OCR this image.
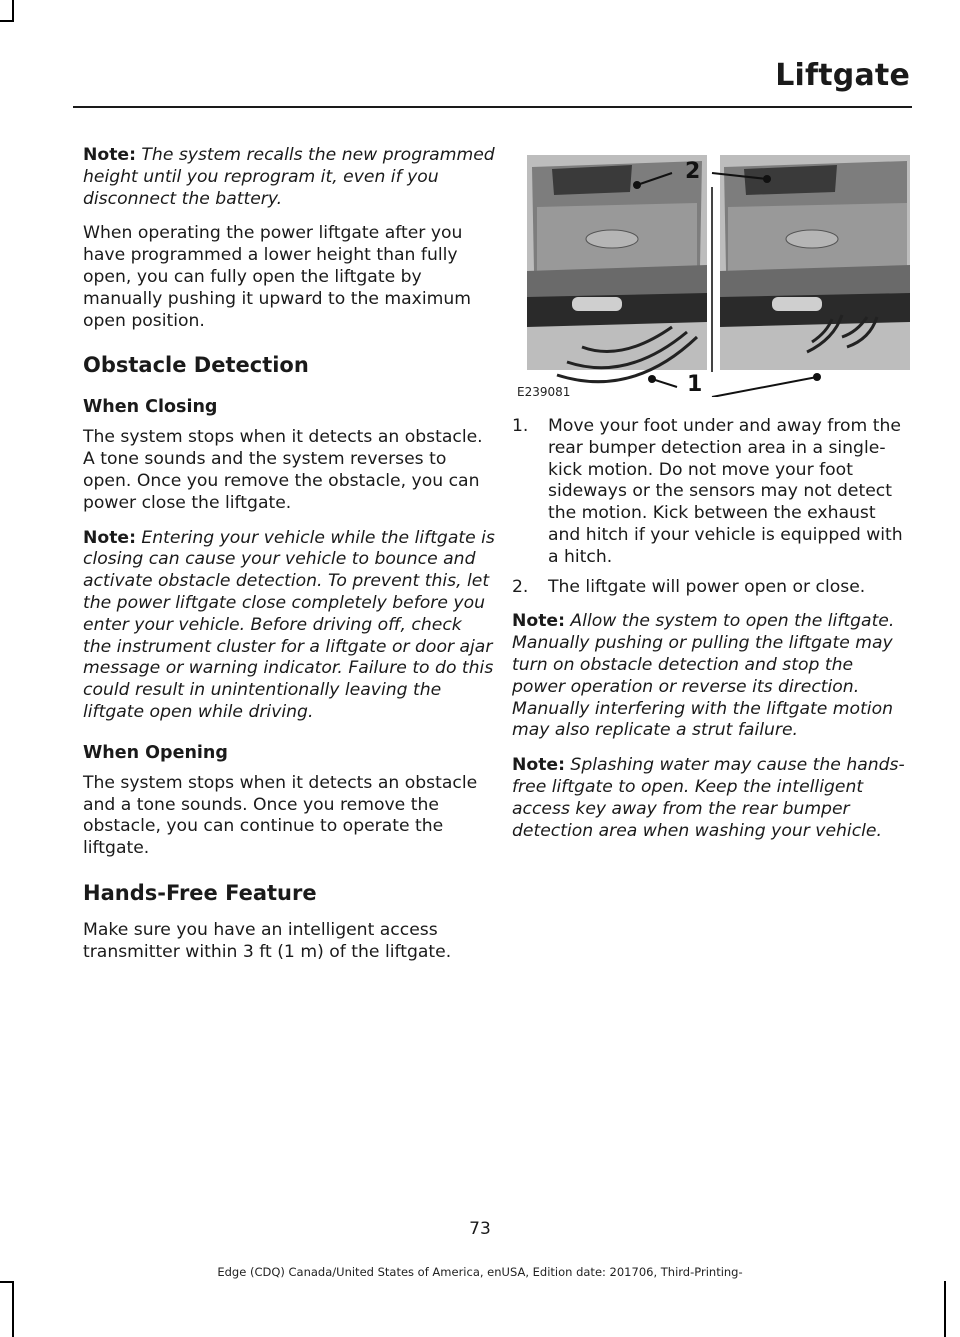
Liftgate

Note: The system recalls the new programmed height until you reprogram it, even if you disconnect the battery.

When operating the power liftgate after you have programmed a lower height than fully open, you can fully open the liftgate by manually pushing it upward to the maximum open position.

Obstacle Detection
When Closing

The system stops when it detects an obstacle. A tone sounds and the system reverses to open. Once you remove the obstacle, you can power close the liftgate.

Note: Entering your vehicle while the liftgate is closing can cause your vehicle to bounce and activate obstacle detection. To prevent this, let the power liftgate close completely before you enter your vehicle. Before driving off, check the instrument cluster for a liftgate or door ajar message or warning indicator. Failure to do this could result in unintentionally leaving the liftgate open while driving.

When Opening

The system stops when it detects an obstacle and a tone sounds. Once you remove the obstacle, you can continue to operate the liftgate.

Hands-Free Feature

Make sure you have an intelligent access transmitter within 3 ft (1 m) of the liftgate.

2
1
E239081
1. Move your foot under and away from the rear bumper detection area in a single-kick motion. Do not move your foot sideways or the sensors may not detect the motion. Kick between the exhaust and hitch if your vehicle is equipped with a hitch.
2. The liftgate will power open or close.

Note: Allow the system to open the liftgate. Manually pushing or pulling the liftgate may turn on obstacle detection and stop the power operation or reverse its direction. Manually interfering with the liftgate motion may also replicate a strut failure.

Note: Splashing water may cause the hands-free liftgate to open. Keep the intelligent access key away from the rear bumper detection area when washing your vehicle.

73
Edge (CDQ) Canada/United States of America, enUSA, Edition date: 201706, Third-Printing-
